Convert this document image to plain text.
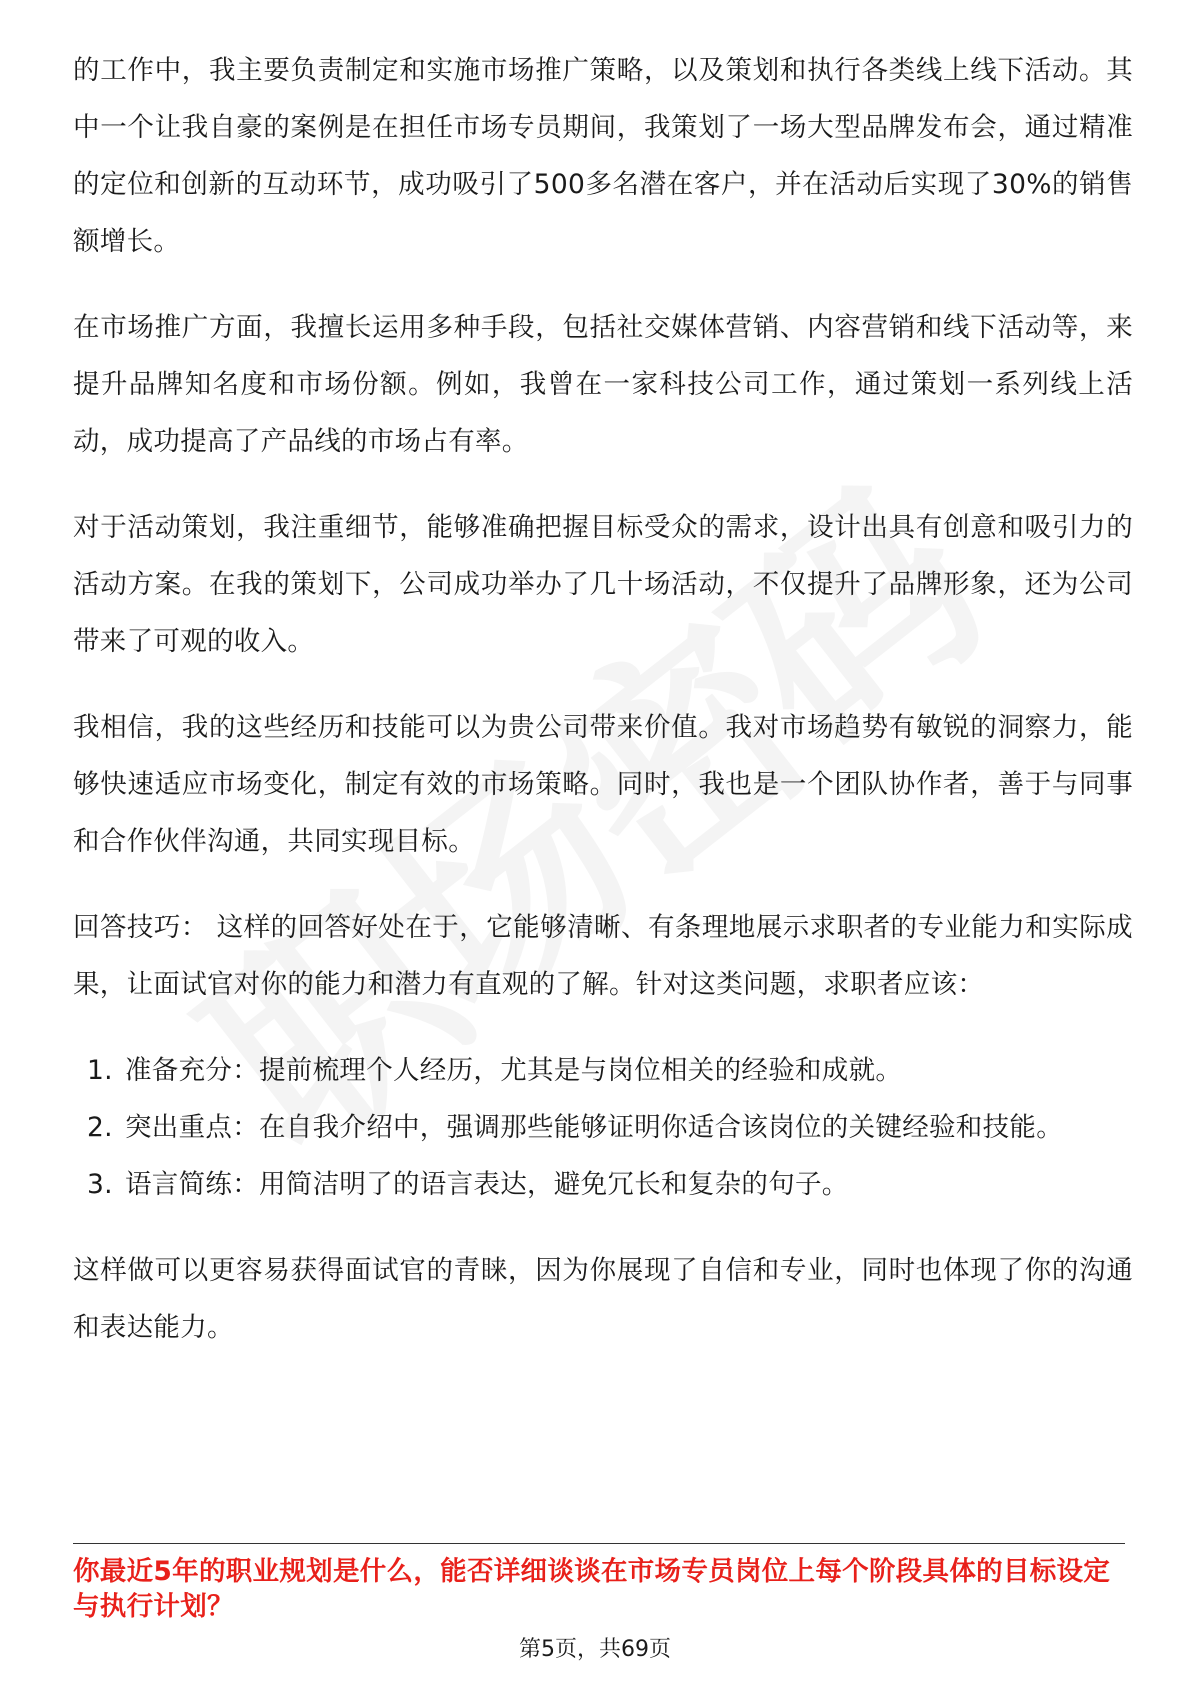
的工作中，我主要负责制定和实施市场推广策略，以及策划和执行各类线上线下活动。其中一个让我自豪的案例是在担任市场专员期间，我策划了一场大型品牌发布会，通过精准的定位和创新的互动环节，成功吸引了500多名潜在客户，并在活动后实现了30%的销售额增长。

在市场推广方面，我擅长运用多种手段，包括社交媒体营销、内容营销和线下活动等，来提升品牌知名度和市场份额。例如，我曾在一家科技公司工作，通过策划一系列线上活动，成功提高了产品线的市场占有率。

对于活动策划，我注重细节，能够准确把握目标受众的需求，设计出具有创意和吸引力的活动方案。在我的策划下，公司成功举办了几十场活动，不仅提升了品牌形象，还为公司带来了可观的收入。

我相信，我的这些经历和技能可以为贵公司带来价值。我对市场趋势有敏锐的洞察力，能够快速适应市场变化，制定有效的市场策略。同时，我也是一个团队协作者，善于与同事和合作伙伴沟通，共同实现目标。

回答技巧： 这样的回答好处在于，它能够清晰、有条理地展示求职者的专业能力和实际成果，让面试官对你的能力和潜力有直观的了解。针对这类问题，求职者应该：

1. 准备充分：提前梳理个人经历，尤其是与岗位相关的经验和成就。
2. 突出重点：在自我介绍中，强调那些能够证明你适合该岗位的关键经验和技能。
3. 语言简练：用简洁明了的语言表达，避免冗长和复杂的句子。

这样做可以更容易获得面试官的青睐，因为你展现了自信和专业，同时也体现了你的沟通和表达能力。

你最近5年的职业规划是什么，能否详细谈谈在市场专员岗位上每个阶段具体的目标设定与执行计划？
第5页，共69页
